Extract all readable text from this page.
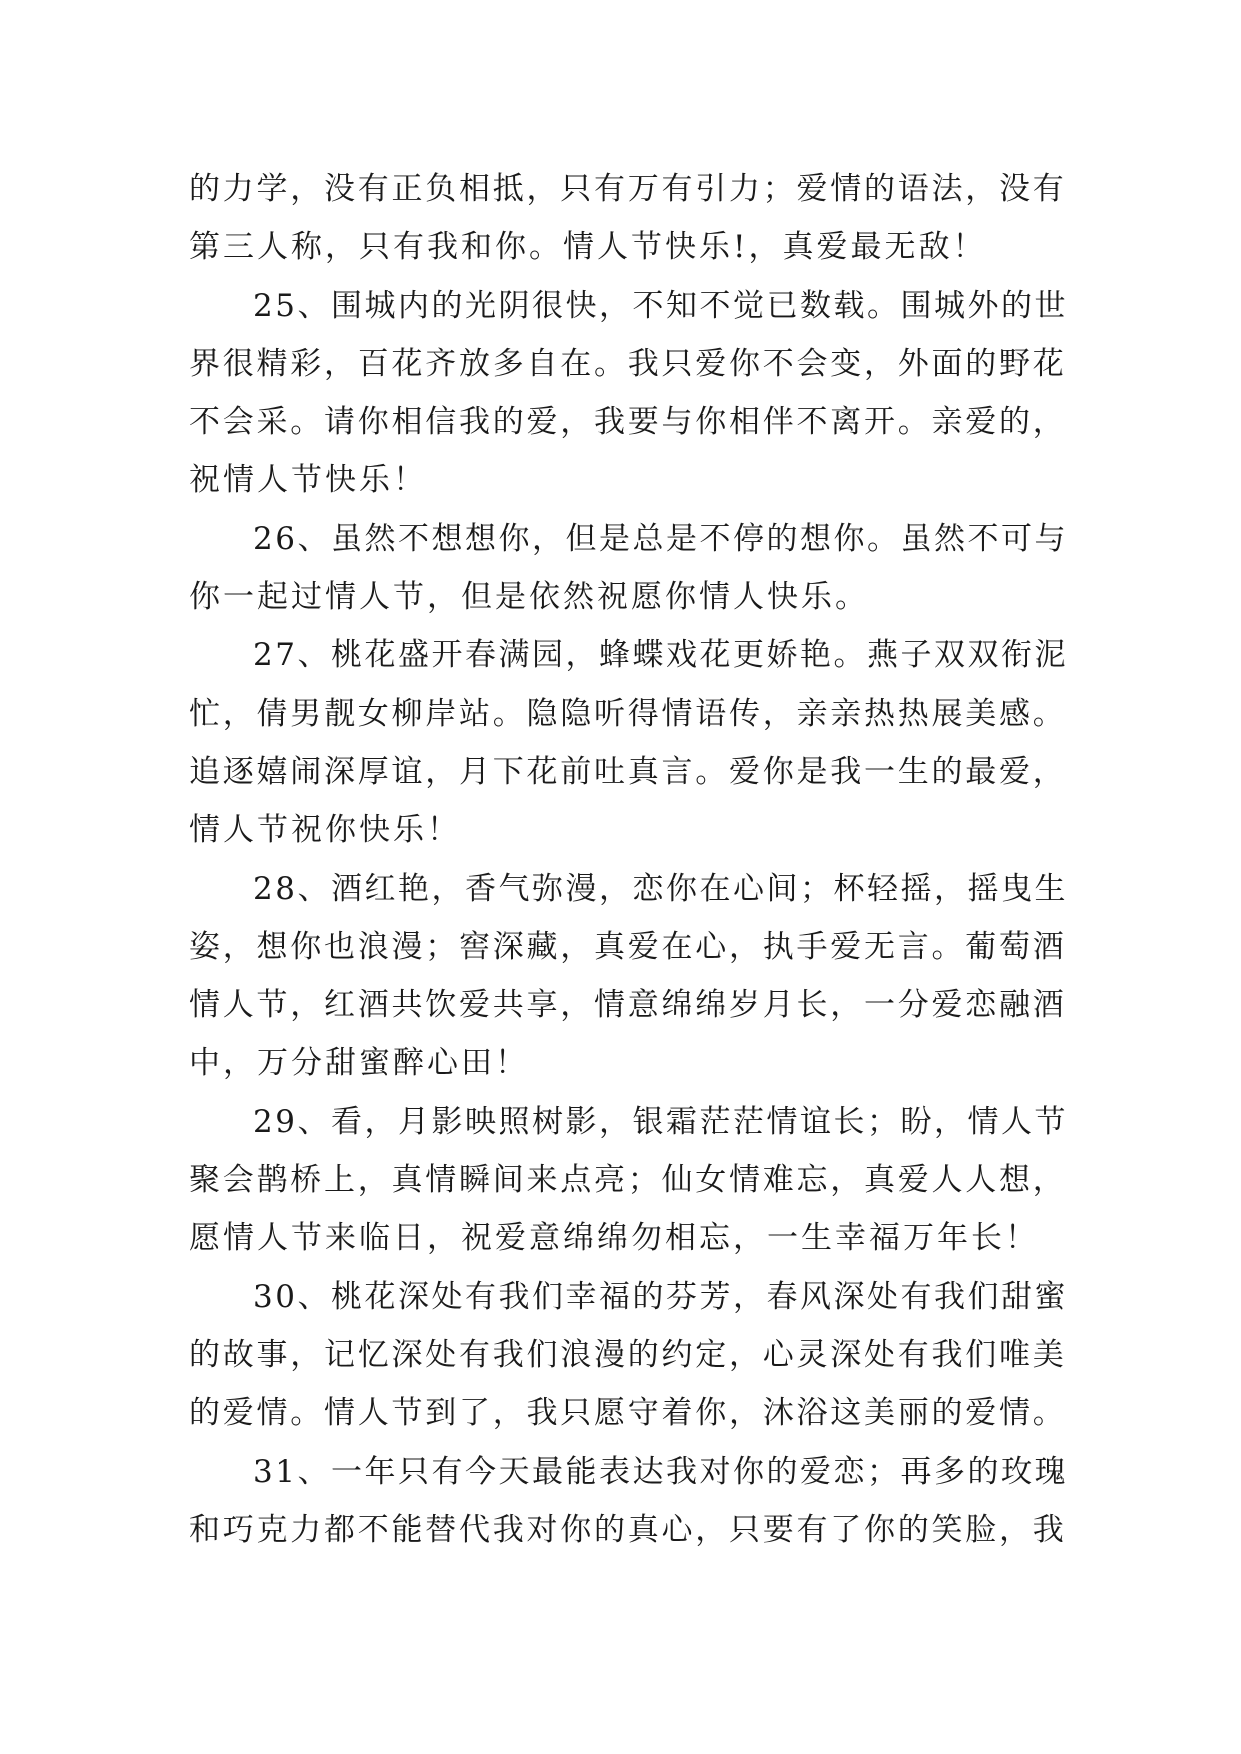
的力学，没有正负相抵，只有万有引力；爱情的语法，没有
第三人称，只有我和你。情人节快乐!，真爱最无敌！
25、围城内的光阴很快，不知不觉已数载。围城外的世
界很精彩，百花齐放多自在。我只爱你不会变，外面的野花
不会采。请你相信我的爱，我要与你相伴不离开。亲爱的，
祝情人节快乐！
26、虽然不想想你，但是总是不停的想你。虽然不可与
你一起过情人节，但是依然祝愿你情人快乐。
27、桃花盛开春满园，蜂蝶戏花更娇艳。燕子双双衔泥
忙，倩男靓女柳岸站。隐隐听得情语传，亲亲热热展美感。
追逐嬉闹深厚谊，月下花前吐真言。爱你是我一生的最爱，
情人节祝你快乐！
28、酒红艳，香气弥漫，恋你在心间；杯轻摇，摇曳生
姿，想你也浪漫；窖深藏，真爱在心，执手爱无言。葡萄酒
情人节，红酒共饮爱共享，情意绵绵岁月长，一分爱恋融酒
中，万分甜蜜醉心田！
29、看，月影映照树影，银霜茫茫情谊长；盼，情人节
聚会鹊桥上，真情瞬间来点亮；仙女情难忘，真爱人人想，
愿情人节来临日，祝爱意绵绵勿相忘，一生幸福万年长！
30、桃花深处有我们幸福的芬芳，春风深处有我们甜蜜
的故事，记忆深处有我们浪漫的约定，心灵深处有我们唯美
的爱情。情人节到了，我只愿守着你，沐浴这美丽的爱情。
31、一年只有今天最能表达我对你的爱恋；再多的玫瑰
和巧克力都不能替代我对你的真心，只要有了你的笑脸，我
